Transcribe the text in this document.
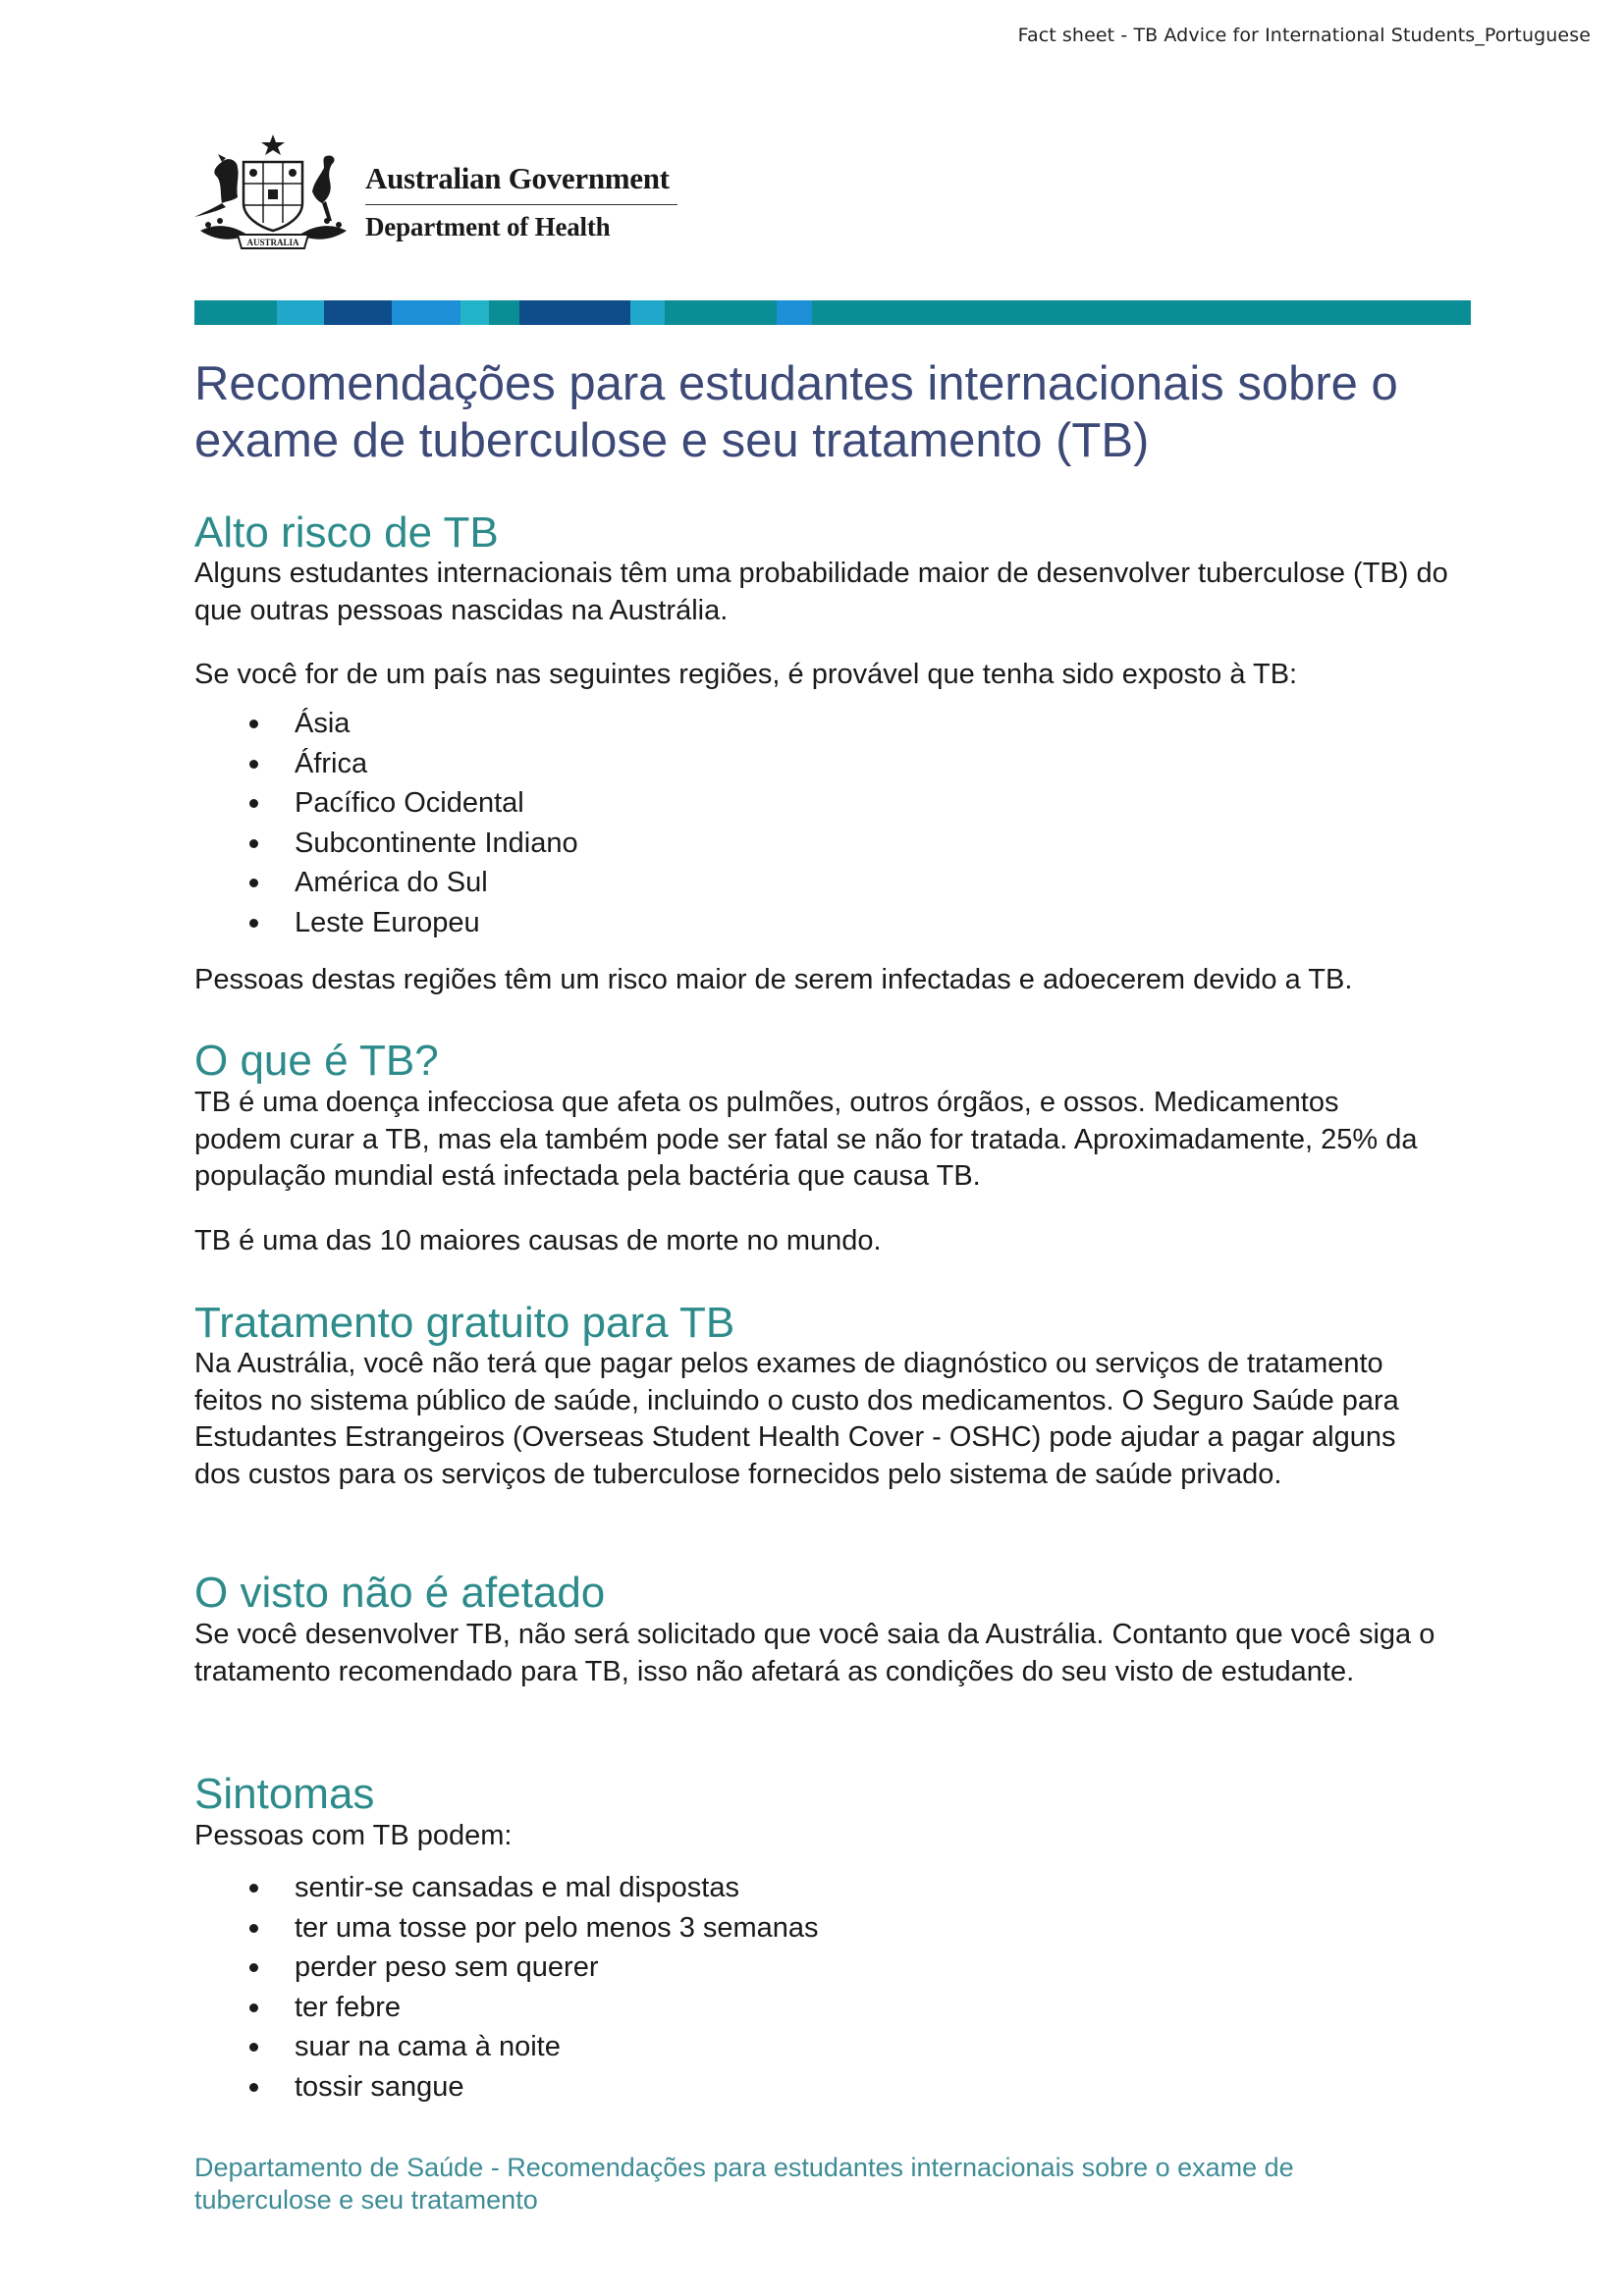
Fact sheet - TB Advice for International Students_Portuguese
AUSTRALIA
Australian Government
Department of Health
Recomendações para estudantes internacionais sobre o exame de tuberculose e seu tratamento (TB)
Alto risco de TB

Alguns estudantes internacionais têm uma probabilidade maior de desenvolver tuberculose (TB) do que outras pessoas nascidas na Austrália.

Se você for de um país nas seguintes regiões, é provável que tenha sido exposto à TB:

Ásia
África
Pacífico Ocidental
Subcontinente Indiano
América do Sul
Leste Europeu

Pessoas destas regiões têm um risco maior de serem infectadas e adoecerem devido a TB.

O que é TB?

TB é uma doença infecciosa que afeta os pulmões, outros órgãos, e ossos. Medicamentos podem curar a TB, mas ela também pode ser fatal se não for tratada. Aproximadamente, 25% da população mundial está infectada pela bactéria que causa TB.

TB é uma das 10 maiores causas de morte no mundo.

Tratamento gratuito para TB

Na Austrália, você não terá que pagar pelos exames de diagnóstico ou serviços de tratamento feitos no sistema público de saúde, incluindo o custo dos medicamentos. O Seguro Saúde para Estudantes Estrangeiros (Overseas Student Health Cover - OSHC) pode ajudar a pagar alguns dos custos para os serviços de tuberculose fornecidos pelo sistema de saúde privado.

O visto não é afetado

Se você desenvolver TB, não será solicitado que você saia da Austrália. Contanto que você siga o tratamento recomendado para TB, isso não afetará as condições do seu visto de estudante.

Sintomas

Pessoas com TB podem:

sentir-se cansadas e mal dispostas
ter uma tosse por pelo menos 3 semanas
perder peso sem querer
ter febre
suar na cama à noite
tossir sangue

Departamento de Saúde - Recomendações para estudantes internacionais sobre o exame de tuberculose e seu tratamento
